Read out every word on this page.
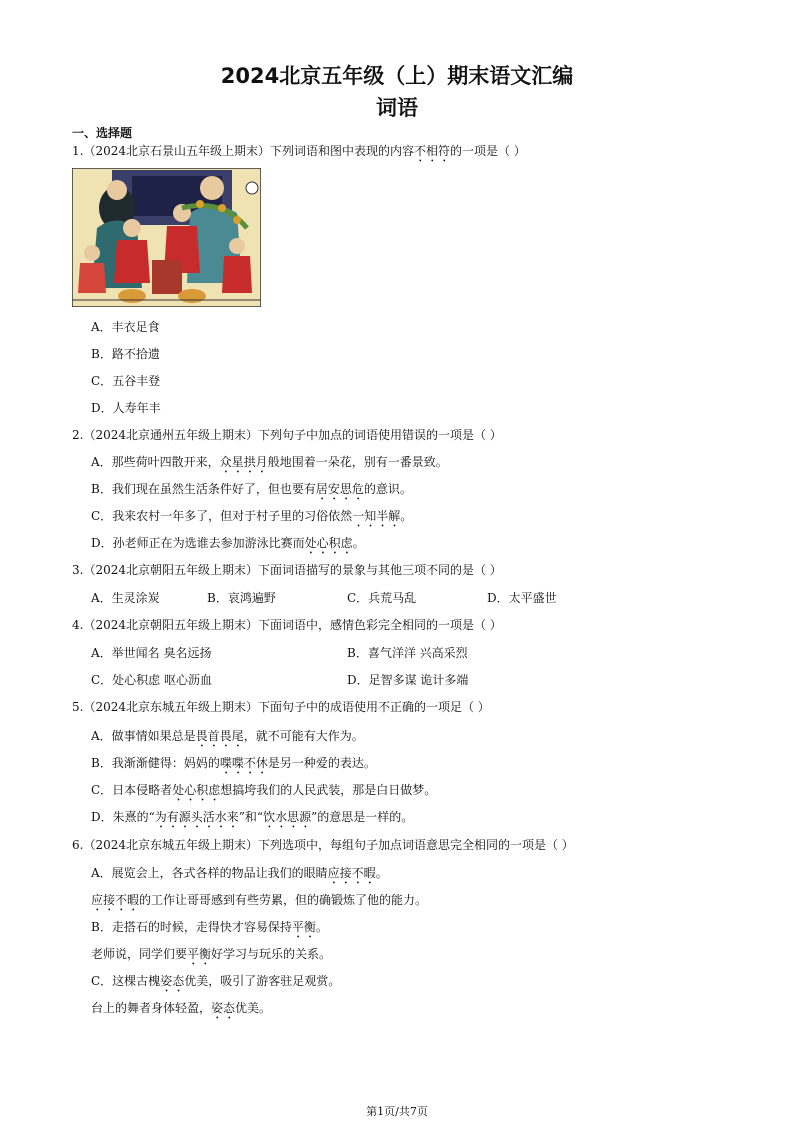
2024北京五年级（上）期末语文汇编
词语
一、选择题
1.（2024北京石景山五年级上期末）下列词语和图中表现的内容不相符的一项是（ ）
A．丰衣足食
B．路不拾遗
C．五谷丰登
D．人寿年丰
2.（2024北京通州五年级上期末）下列句子中加点的词语使用错误的一项是（ ）
A．那些荷叶四散开来，众星拱月般地围着一朵花，别有一番景致。
B．我们现在虽然生活条件好了，但也要有居安思危的意识。
C．我来农村一年多了，但对于村子里的习俗依然一知半解。
D．孙老师正在为选谁去参加游泳比赛而处心积虑。
3.（2024北京朝阳五年级上期末）下面词语描写的景象与其他三项不同的是（ ）
A．生灵涂炭	B．哀鸿遍野	C．兵荒马乱	D．太平盛世
4.（2024北京朝阳五年级上期末）下面词语中，感情色彩完全相同的一项是（ ）
A．举世闻名 臭名远扬	B．喜气洋洋 兴高采烈
C．处心积虑 呕心沥血	D．足智多谋 诡计多端
5.（2024北京东城五年级上期末）下面句子中的成语使用不正确的一项足（ ）
A．做事情如果总是畏首畏尾，就不可能有大作为。
B．我渐渐健得：妈妈的喋喋不休是另一种爱的表达。
C．日本侵略者处心积虑想搞垮我们的人民武装，那是白日做梦。
D．朱熹的“为有源头活水来”和“饮水思源”的意思是一样的。
6.（2024北京东城五年级上期末）下列选项中，每组句子加点词语意思完全相同的一项是（ ）
A．展览会上，各式各样的物品让我们的眼睛应接不暇。
应接不暇的工作让哥哥感到有些劳累，但的确锻炼了他的能力。
B．走搭石的时候，走得快才容易保持平衡。
老师说，同学们要平衡好学习与玩乐的关系。
C．这棵古槐姿态优美，吸引了游客驻足观赏。
台上的舞者身体轻盈，姿态优美。
第1页/共7页
